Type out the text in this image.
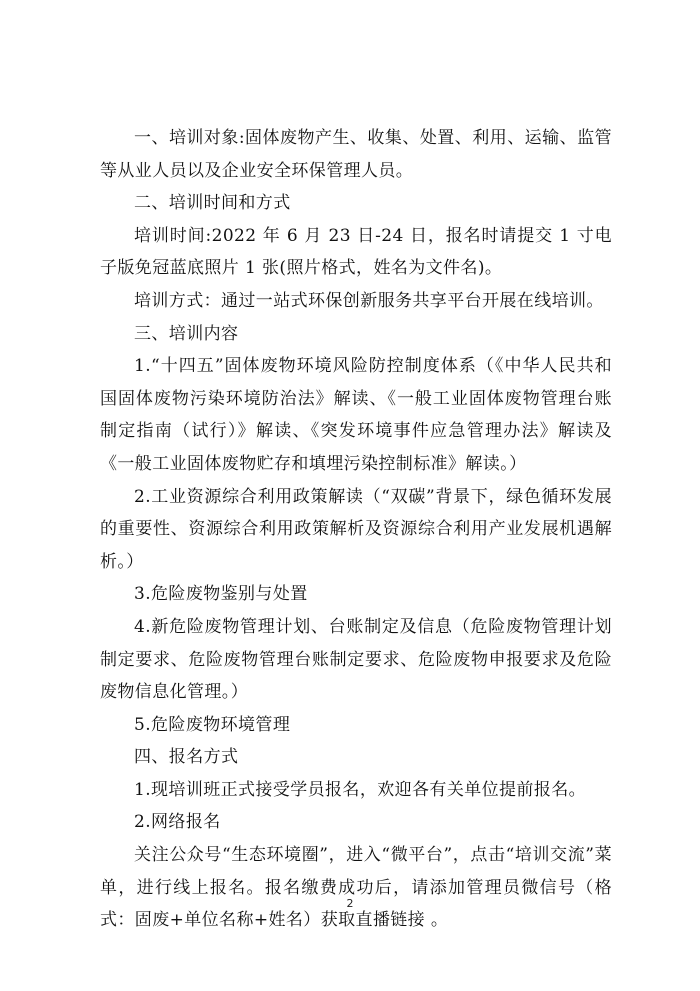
一、培训对象:固体废物产生、收集、处置、利用、运输、监管等从业人员以及企业安全环保管理人员。

二、培训时间和方式

培训时间:2022 年 6 月 23 日-24 日，报名时请提交 1 寸电子版免冠蓝底照片 1 张(照片格式，姓名为文件名)。

培训方式：通过一站式环保创新服务共享平台开展在线培训。

三、培训内容

1.“十四五”固体废物环境风险防控制度体系（《中华人民共和国固体废物污染环境防治法》解读、《一般工业固体废物管理台账制定指南（试行）》解读、《突发环境事件应急管理办法》解读及《一般工业固体废物贮存和填埋污染控制标准》解读。）

2.工业资源综合利用政策解读（“双碳”背景下，绿色循环发展的重要性、资源综合利用政策解析及资源综合利用产业发展机遇解析。）

3.危险废物鉴别与处置

4.新危险废物管理计划、台账制定及信息（危险废物管理计划制定要求、危险废物管理台账制定要求、危险废物申报要求及危险废物信息化管理。）

5.危险废物环境管理

四、报名方式

1.现培训班正式接受学员报名，欢迎各有关单位提前报名。

2.网络报名

关注公众号“生态环境圈”，进入“微平台”，点击“培训交流”菜单，进行线上报名。报名缴费成功后，请添加管理员微信号（格式：固废+单位名称+姓名）获取直播链接 。

2
